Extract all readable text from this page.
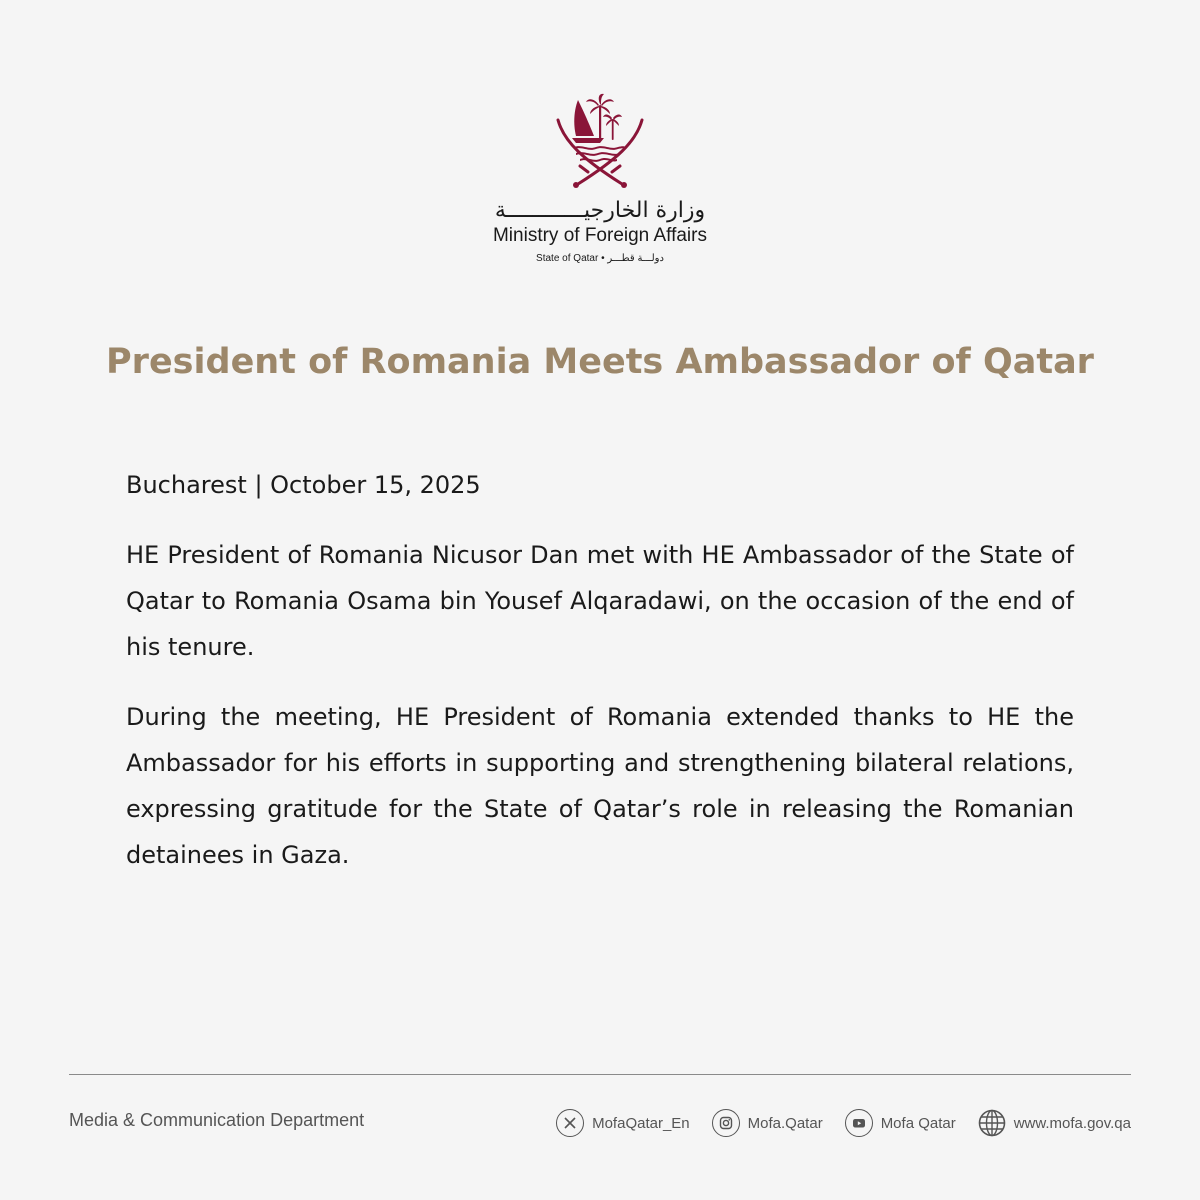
وزارة الخارجيــــــــــــة
Ministry of Foreign Affairs
State of Qatar • دولـــة قطـــر
President of Romania Meets Ambassador of Qatar

Bucharest | October 15, 2025

HE President of Romania Nicusor Dan met with HE Ambassador of the State of Qatar to Romania Osama bin Yousef Alqaradawi, on the occasion of the end of his tenure.

During the meeting, HE President of Romania extended thanks to HE the Ambassador for his efforts in supporting and strengthening bilateral relations, expressing gratitude for the State of Qatar’s role in releasing the Romanian detainees in Gaza.

Media & Communication Department	MofaQatar_En	Mofa.Qatar	Mofa Qatar	www.mofa.gov.qa
